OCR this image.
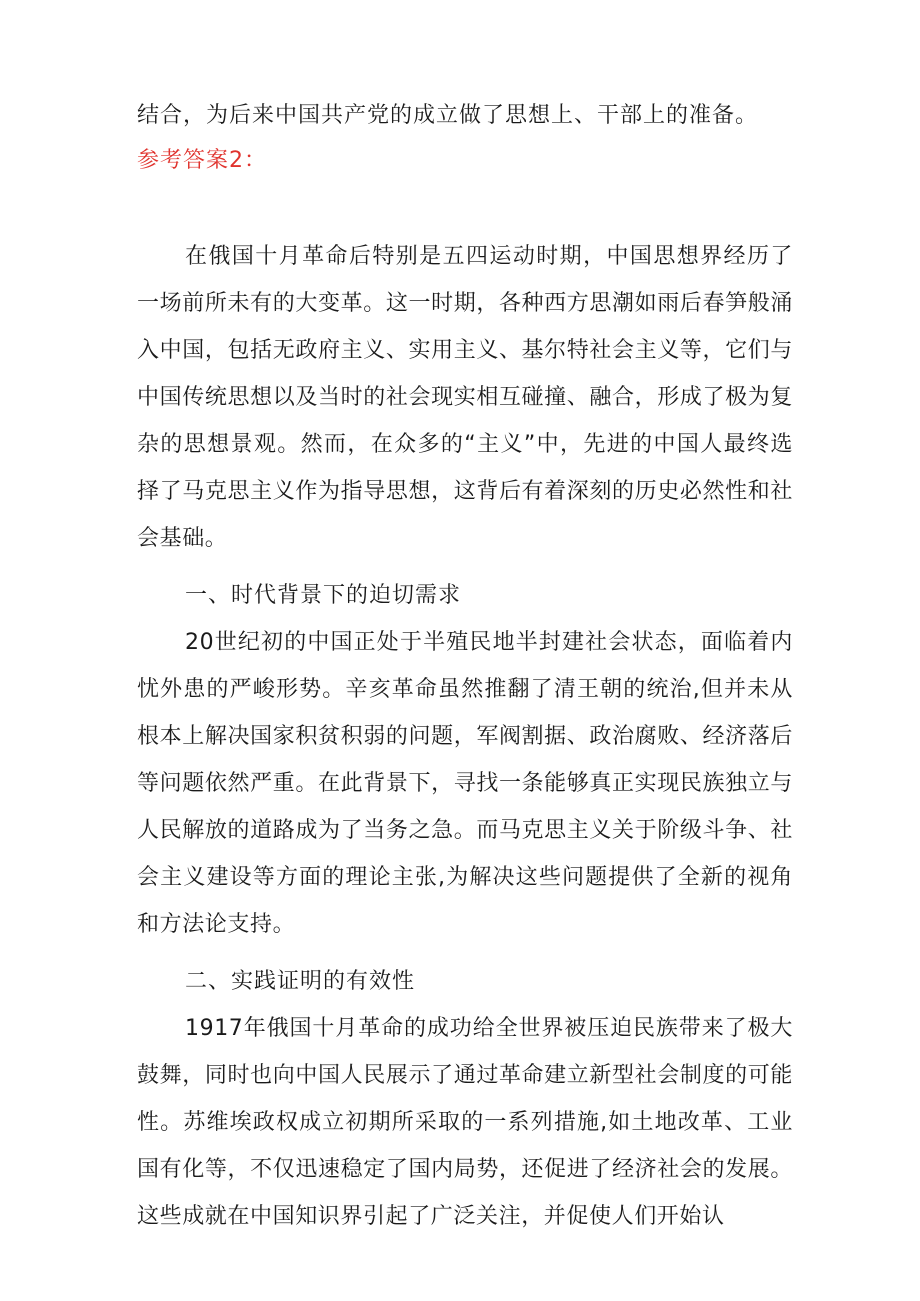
结合，为后来中国共产党的成立做了思想上、干部上的准备。
参考答案2：

在俄国十月革命后特别是五四运动时期，中国思想界经历了一场前所未有的大变革。这一时期，各种西方思潮如雨后春笋般涌入中国，包括无政府主义、实用主义、基尔特社会主义等，它们与中国传统思想以及当时的社会现实相互碰撞、融合，形成了极为复杂的思想景观。然而，在众多的“主义”中，先进的中国人最终选择了马克思主义作为指导思想，这背后有着深刻的历史必然性和社会基础。

一、时代背景下的迫切需求

20世纪初的中国正处于半殖民地半封建社会状态，面临着内忧外患的严峻形势。辛亥革命虽然推翻了清王朝的统治,但并未从根本上解决国家积贫积弱的问题，军阀割据、政治腐败、经济落后等问题依然严重。在此背景下，寻找一条能够真正实现民族独立与人民解放的道路成为了当务之急。而马克思主义关于阶级斗争、社会主义建设等方面的理论主张,为解决这些问题提供了全新的视角和方法论支持。

二、实践证明的有效性

1917年俄国十月革命的成功给全世界被压迫民族带来了极大鼓舞，同时也向中国人民展示了通过革命建立新型社会制度的可能性。苏维埃政权成立初期所采取的一系列措施,如土地改革、工业国有化等，不仅迅速稳定了国内局势，还促进了经济社会的发展。这些成就在中国知识界引起了广泛关注，并促使人们开始认
